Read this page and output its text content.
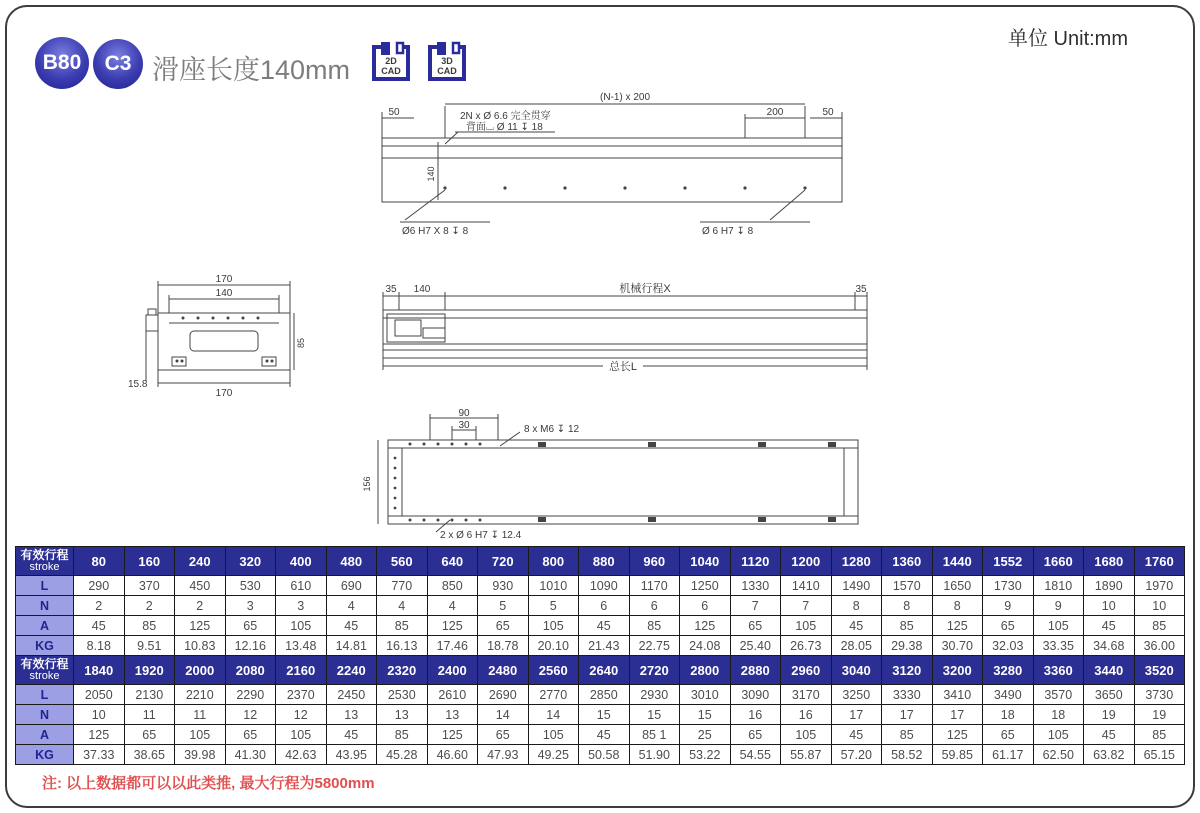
B80	C3 滑座长度140mm
单位 Unit:mm
2D
CAD
3D
CAD
(N-1) x 200
50	50
200
2N x Ø 6.6 完全贯穿
背面⌴ Ø 11 ↧ 18
140
Ø6 H7 X 8 ↧ 8	Ø 6 H7 ↧ 8
170
140
85
15.8
170
35 140	机械行程X	35
总长L
90
30	8 x M6 ↧ 12
156
2 x Ø 6 H7 ↧ 12.4
有效行程
stroke	80	160	240	320	400	480	560	640	720	800	880	960	1040	1120	1200	1280	1360	1440	1552	1660	1680	1760
L	290	370	450	530	610	690	770	850	930	1010	1090	1170	1250	1330	1410	1490	1570	1650	1730	1810	1890	1970
N	2	2	2	3	3	4	4	4	5	5	6	6	6	7	7	8	8	8	9	9	10	10
A	45	85	125	65	105	45	85	125	65	105	45	85	125	65	105	45	85	125	65	105	45	85
KG	8.18	9.51	10.83	12.16	13.48	14.81	16.13	17.46	18.78	20.10	21.43	22.75	24.08	25.40	26.73	28.05	29.38	30.70	32.03	33.35	34.68	36.00

有效行程
stroke	1840	1920	2000	2080	2160	2240	2320	2400	2480	2560	2640	2720	2800	2880	2960	3040	3120	3200	3280	3360	3440	3520
L	2050	2130	2210	2290	2370	2450	2530	2610	2690	2770	2850	2930	3010	3090	3170	3250	3330	3410	3490	3570	3650	3730
N	10	11	11	12	12	13	13	13	14	14	15	15	15	16	16	17	17	17	18	18	19	19
A	125	65	105	65	105	45	85	125	65	105	45	85 1	25	65	105	45	85	125	65	105	45	85
KG	37.33	38.65	39.98	41.30	42.63	43.95	45.28	46.60	47.93	49.25	50.58	51.90	53.22	54.55	55.87	57.20	58.52	59.85	61.17	62.50	63.82	65.15
注: 以上数据都可以以此类推, 最大行程为5800mm
